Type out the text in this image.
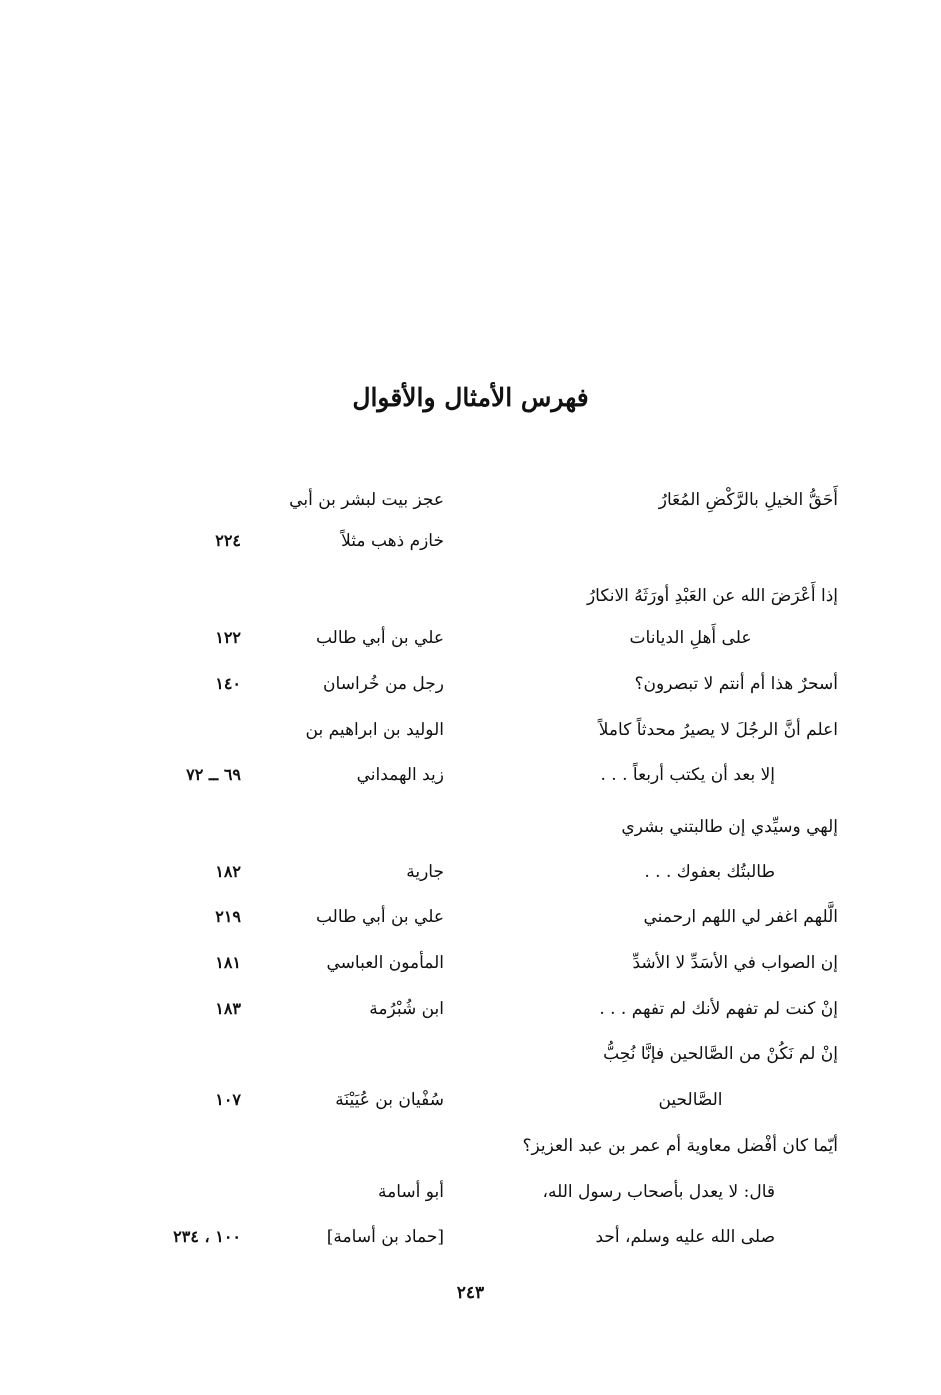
فهرس الأمثال والأقوال
أَحَقُّ الخيلِ بالرَّكْضِ المُعَارُ
عجز بيت لبشر بن أبي
خازم ذهب مثلاً
٢٢٤
إذا أَعْرَضَ الله عن العَبْدِ أورَثَهُ الانكارُ
على أَهلِ الديانات
علي بن أبي طالب
١٢٢
أسحرٌ هذا أم أنتم لا تبصرون؟
رجل من خُراسان
١٤٠
اعلم أنَّ الرجُلَ لا يصيرُ محدثاً كاملاً
الوليد بن ابراهيم بن
إلا بعد أن يكتب أربعاً . . .
زيد الهمداني
٦٩ ــ ٧٢
إلهي وسيِّدي إن طالبتني بشري
طالبتُك بعفوك . . .
جارية
١٨٢
الَّلهم اغفر لي اللهم ارحمني
علي بن أبي طالب
٢١٩
إن الصواب في الأسَدِّ لا الأشدِّ
المأمون العباسي
١٨١
إنْ كنت لم تفهم لأنك لم تفهم . . .
ابن شُبْرُمة
١٨٣
إنْ لم نَكُنْ من الصَّالحين فإنَّا نُحِبُّ
الصَّالحين
سُفْيان بن عُيَيْنَة
١٠٧
أيّما كان أفْضل معاوية أم عمر بن عبد العزيز؟
قال: لا يعدل بأصحاب رسول الله،
أبو أسامة
صلى الله عليه وسلم، أحد
[حماد بن أسامة]
١٠٠ ، ٢٣٤
٢٤٣
